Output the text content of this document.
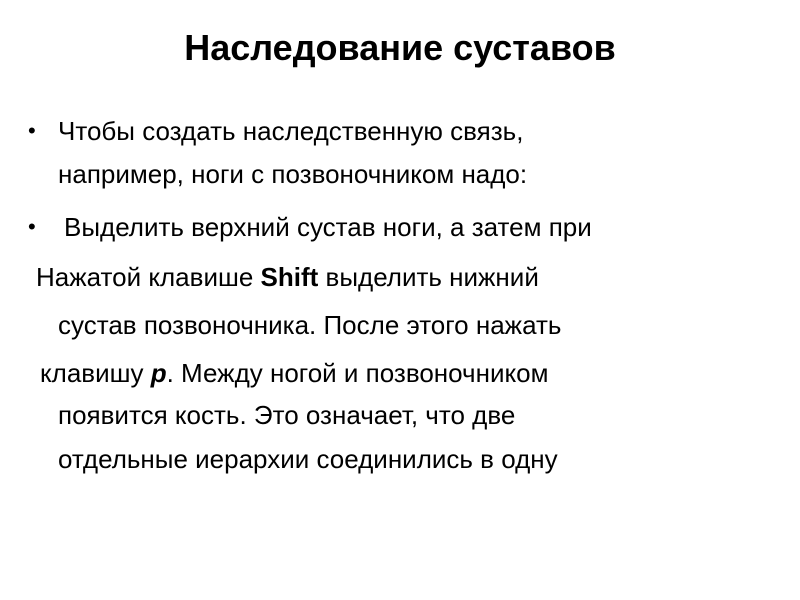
Наследование суставов
• Чтобы создать наследственную связь,
например, ноги с позвоночником надо:
• Выделить верхний сустав ноги, а затем при
Нажатой клавише Shift выделить нижний
сустав позвоночника. После этого нажать
клавишу p. Между ногой и позвоночником
появится кость. Это означает, что две
отдельные иерархии соединились в одну
